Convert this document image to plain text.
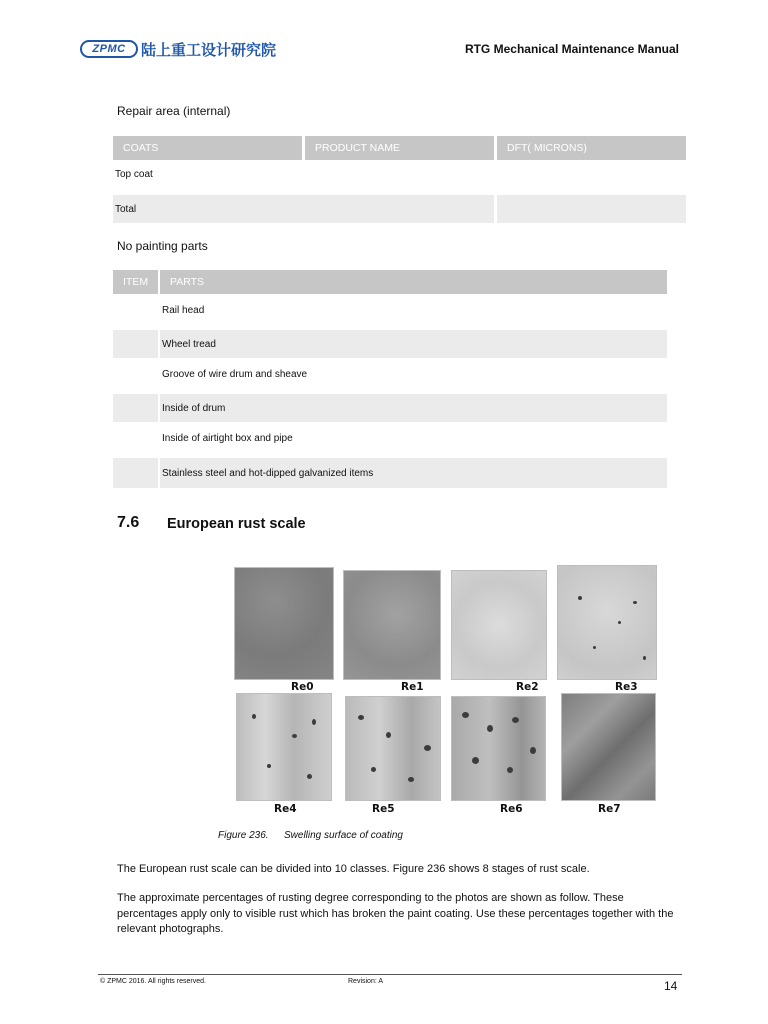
ZPMC	陆上重工设计研究院	RTG Mechanical Maintenance Manual
Repair area (internal)
COATS	PRODUCT NAME	DFT( MICRONS)
Top coat
Total
No painting parts
ITEM	PARTS
Rail head
Wheel tread
Groove of wire drum and sheave
Inside of drum
Inside of airtight box and pipe
Stainless steel and hot-dipped galvanized items
7.6 European rust scale
Re0	Re1	Re2	Re3
Re4	Re5	Re6	Re7
Figure 236. Swelling surface of coating
The European rust scale can be divided into 10 classes. Figure 236 shows 8 stages of rust scale.
The approximate percentages of rusting degree corresponding to the photos are shown as follow. These percentages apply only to visible rust which has broken the paint coating. Use these percentages together with the relevant photographs.
© ZPMC 2016. All rights reserved.	Revision: A	14
